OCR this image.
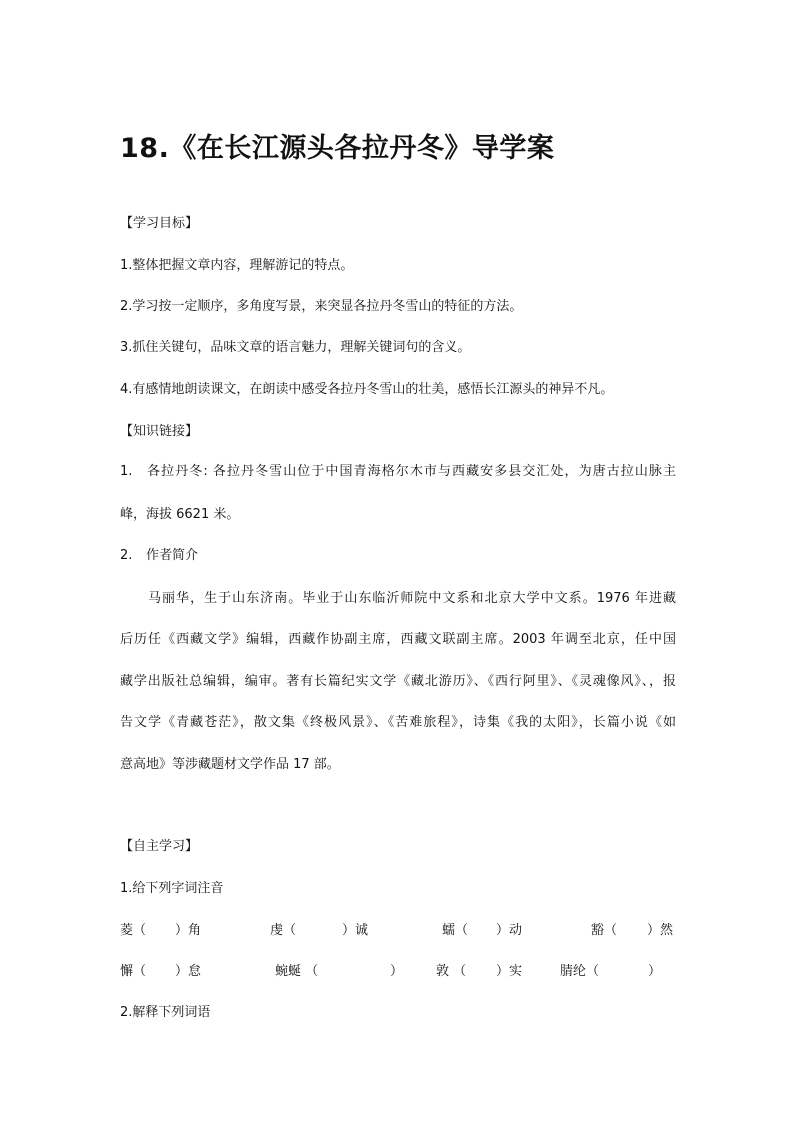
18.《在长江源头各拉丹冬》导学案
【学习目标】
1.整体把握文章内容，理解游记的特点。
2.学习按一定顺序，多角度写景，来突显各拉丹冬雪山的特征的方法。
3.抓住关键句，品味文章的语言魅力，理解关键词句的含义。
4.有感情地朗读课文，在朗读中感受各拉丹冬雪山的壮美，感悟长江源头的神异不凡。
【知识链接】
1. 各拉丹冬: 各拉丹冬雪山位于中国青海格尔木市与西藏安多县交汇处，为唐古拉山脉主
峰，海拔 6621 米。
2. 作者简介
马丽华，生于山东济南。毕业于山东临沂师院中文系和北京大学中文系。1976 年进藏
后历任《西藏文学》编辑，西藏作协副主席，西藏文联副主席。2003 年调至北京，任中国
藏学出版社总编辑，编审。著有长篇纪实文学《藏北游历》、《西行阿里》、《灵魂像风》、，报
告文学《青藏苍茫》，散文集《终极风景》、《苦难旅程》，诗集《我的太阳》，长篇小说《如
意高地》等涉藏题材文学作品 17 部。
【自主学习】
1.给下列字词注音
菱（ ）角	虔（	）诚	蠕（ ）动	豁（ ）然
懈（ ）怠	蜿蜒 （	）	敦 （ ）实	腈纶（	）
2.解释下列词语
